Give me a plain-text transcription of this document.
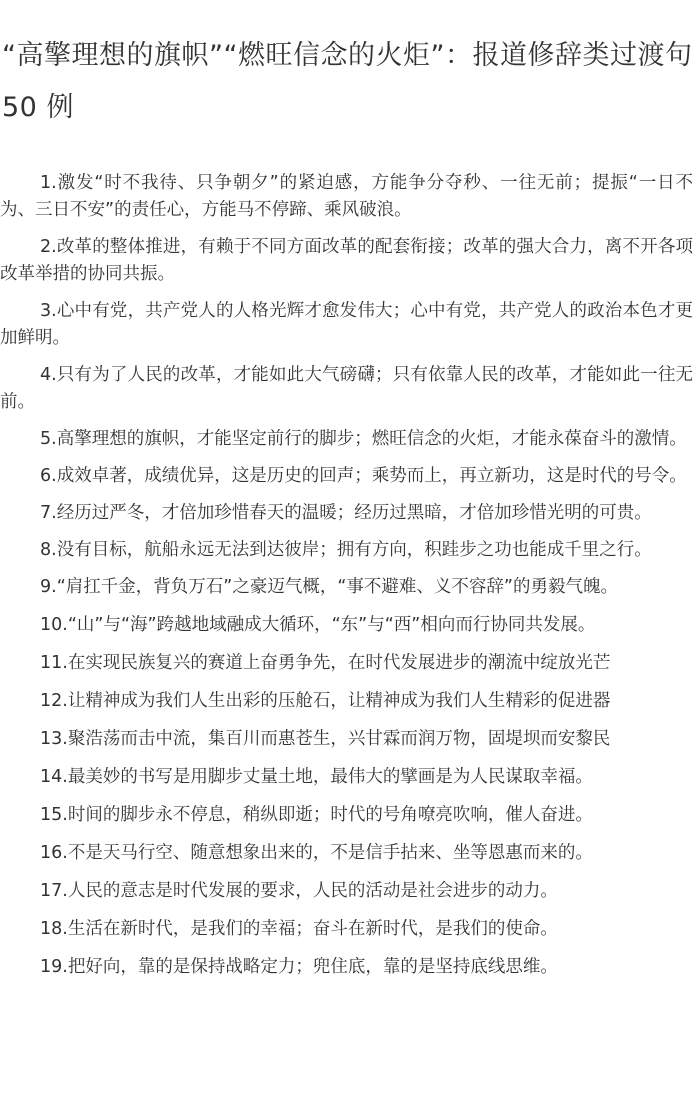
“高擎理想的旗帜”“燃旺信念的火炬”：报道修辞类过渡句 50 例

1.激发“时不我待、只争朝夕”的紧迫感，方能争分夺秒、一往无前；提振“一日不为、三日不安”的责任心，方能马不停蹄、乘风破浪。

2.改革的整体推进，有赖于不同方面改革的配套衔接；改革的强大合力，离不开各项改革举措的协同共振。

3.心中有党，共产党人的人格光辉才愈发伟大；心中有党，共产党人的政治本色才更加鲜明。

4.只有为了人民的改革，才能如此大气磅礴；只有依靠人民的改革，才能如此一往无前。

5.高擎理想的旗帜，才能坚定前行的脚步；燃旺信念的火炬，才能永葆奋斗的激情。

6.成效卓著，成绩优异，这是历史的回声；乘势而上，再立新功，这是时代的号令。

7.经历过严冬，才倍加珍惜春天的温暖；经历过黑暗，才倍加珍惜光明的可贵。

8.没有目标，航船永远无法到达彼岸；拥有方向，积跬步之功也能成千里之行。

9.“肩扛千金，背负万石”之豪迈气概，“事不避难、义不容辞”的勇毅气魄。

10.“山”与“海”跨越地域融成大循环，“东”与“西”相向而行协同共发展。

11.在实现民族复兴的赛道上奋勇争先，在时代发展进步的潮流中绽放光芒

12.让精神成为我们人生出彩的压舱石，让精神成为我们人生精彩的促进器

13.聚浩荡而击中流，集百川而惠苍生，兴甘霖而润万物，固堤坝而安黎民

14.最美妙的书写是用脚步丈量土地，最伟大的擘画是为人民谋取幸福。

15.时间的脚步永不停息，稍纵即逝；时代的号角嘹亮吹响，催人奋进。

16.不是天马行空、随意想象出来的，不是信手拈来、坐等恩惠而来的。

17.人民的意志是时代发展的要求，人民的活动是社会进步的动力。

18.生活在新时代，是我们的幸福；奋斗在新时代，是我们的使命。

19.把好向，靠的是保持战略定力；兜住底，靠的是坚持底线思维。
